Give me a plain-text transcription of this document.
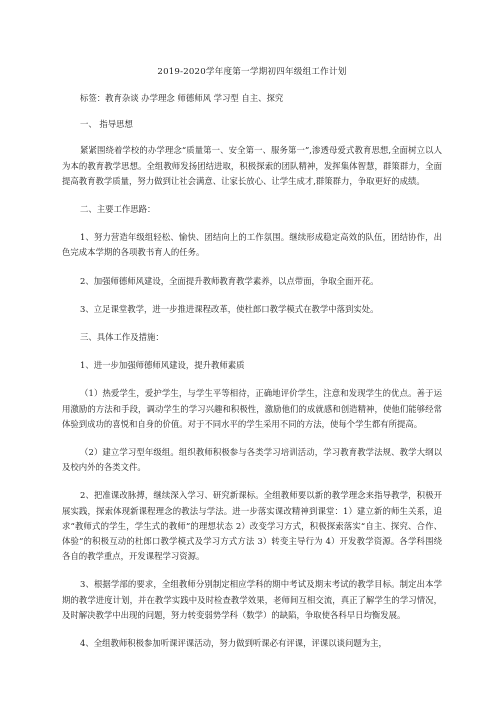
2019-2020学年度第一学期初四年级组工作计划

标签：教育杂谈 办学理念 师德师风 学习型 自主、探究

一、 指导思想

紧紧围绕着学校的办学理念“质量第一、安全第一、服务第一”,渗透母爱式教育思想,全面树立以人为本的教育教学思想。全组教师发扬团结进取，积极探索的团队精神，发挥集体智慧，群策群力，全面提高教育教学质量，努力做到让社会满意、让家长放心、让学生成才,群策群力，争取更好的成绩。

二、主要工作思路：

1、努力营造年级组轻松、愉快、团结向上的工作氛围。继续形成稳定高效的队伍，团结协作，出色完成本学期的各项教书育人的任务。

2、加强师德师风建设，全面提升教师教育教学素养，以点带面，争取全面开花。

3、立足课堂教学，进一步推进课程改革，使杜郎口教学模式在教学中落到实处。

三、具体工作及措施：

1、进一步加强师德师风建设，提升教师素质

（1）热爱学生，爱护学生，与学生平等相待，正确地评价学生，注意和发现学生的优点。善于运用激励的方法和手段，调动学生的学习兴趣和积极性，激励他们的成就感和创造精神，使他们能够经常体验到成功的喜悦和自身的价值。对于不同水平的学生采用不同的方法，使每个学生都有所提高。

（2）建立学习型年级组。组织教师积极参与各类学习培训活动，学习教育教学法规、教学大纲以及校内外的各类文件。

2、把准课改脉搏，继续深入学习、研究新课标。全组教师要以新的教学理念来指导教学，积极开展实践，探索体现新课程理念的教法与学法。进一步落实课改精神到课堂：1）建立新的师生关系，追求“教师式的学生，学生式的教师”的理想状态 2）改变学习方式，积极探索落实“自主、探究、合作、体验”的积极互动的杜郎口教学模式及学习方式方法 3）转变主导行为 4）开发教学资源。各学科围绕各自的教学重点，开发课程学习资源。

3、根据学部的要求，全组教师分别制定相应学科的期中考试及期末考试的教学目标。制定出本学期的教学进度计划，并在教学实践中及时检查教学效果，老师间互相交流，真正了解学生的学习情况，及时解决教学中出现的问题，努力转变弱势学科（数学）的缺陷，争取使各科早日均衡发展。

4、全组教师积极参加听课评课活动，努力做到听课必有评课，评课以谈问题为主，
